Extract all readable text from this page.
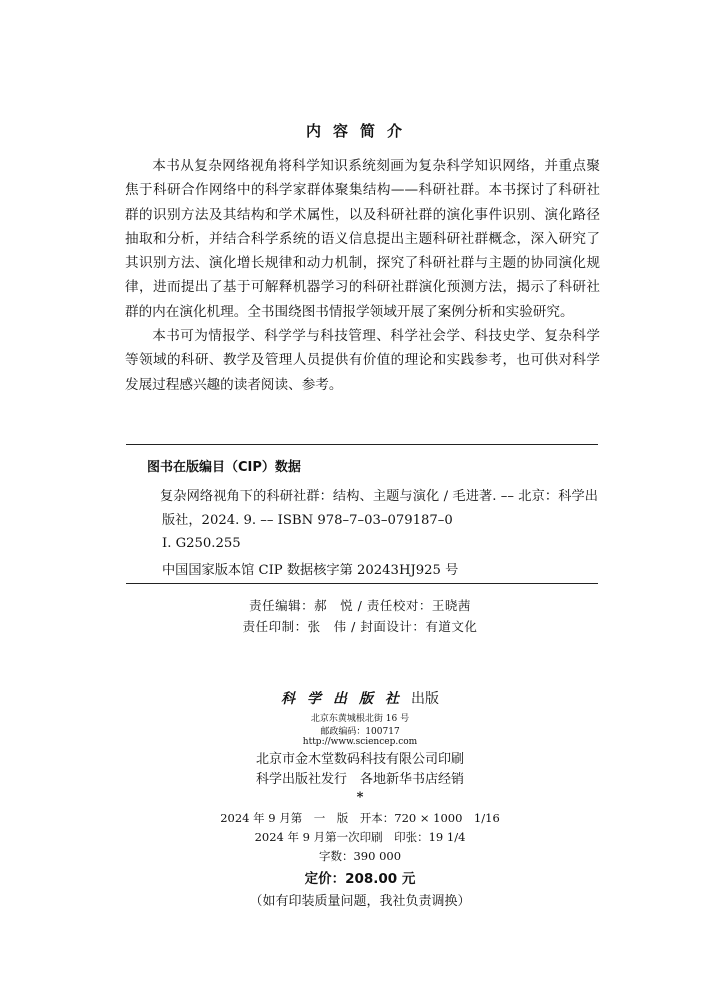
内容简介

本书从复杂网络视角将科学知识系统刻画为复杂科学知识网络，并重点聚焦于科研合作网络中的科学家群体聚集结构——科研社群。本书探讨了科研社群的识别方法及其结构和学术属性，以及科研社群的演化事件识别、演化路径抽取和分析，并结合科学系统的语义信息提出主题科研社群概念，深入研究了其识别方法、演化增长规律和动力机制，探究了科研社群与主题的协同演化规律，进而提出了基于可解释机器学习的科研社群演化预测方法，揭示了科研社群的内在演化机理。全书围绕图书情报学领域开展了案例分析和实验研究。

本书可为情报学、科学学与科技管理、科学社会学、科技史学、复杂科学等领域的科研、教学及管理人员提供有价值的理论和实践参考，也可供对科学发展过程感兴趣的读者阅读、参考。

图书在版编目（CIP）数据
复杂网络视角下的科研社群：结构、主题与演化 / 毛进著. –– 北京：科学出版社，2024. 9. –– ISBN 978–7–03–079187–0
Ⅰ. G250.255
中国国家版本馆 CIP 数据核字第 20243HJ925 号
责任编辑：郝　悦 / 责任校对：王晓茜
责任印制：张　伟 / 封面设计：有道文化
科学出版社出版
北京东黄城根北街 16 号
邮政编码：100717
http://www.sciencep.com
北京市金木堂数码科技有限公司印刷
科学出版社发行　各地新华书店经销
*
2024 年 9 月第　一　版　开本：720 × 1000　1/16
2024 年 9 月第一次印刷　印张：19 1/4
字数：390 000
定价：208.00 元
（如有印装质量问题，我社负责调换）
